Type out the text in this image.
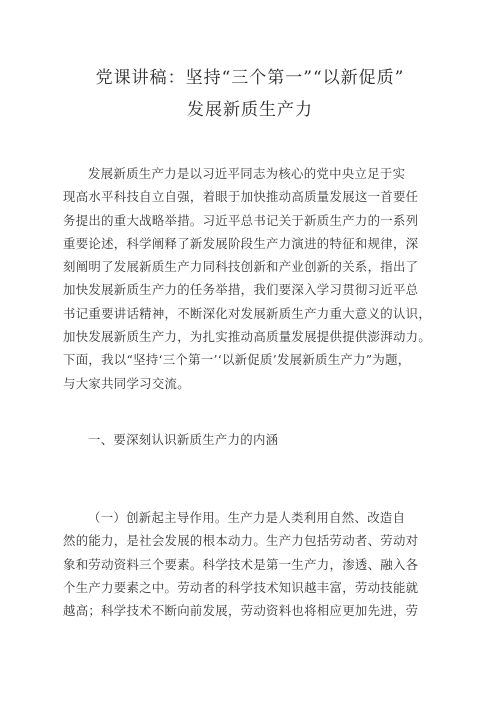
党课讲稿：坚持“三个第一”“以新促质”
发展新质生产力
发展新质生产力是以习近平同志为核心的党中央立足于实
现高水平科技自立自强，着眼于加快推动高质量发展这一首要任
务提出的重大战略举措。习近平总书记关于新质生产力的一系列
重要论述，科学阐释了新发展阶段生产力演进的特征和规律，深
刻阐明了发展新质生产力同科技创新和产业创新的关系，指出了
加快发展新质生产力的任务举措，我们要深入学习贯彻习近平总
书记重要讲话精神，不断深化对发展新质生产力重大意义的认识，
加快发展新质生产力，为扎实推动高质量发展提供提供澎湃动力。
下面，我以“坚持‘三个第一’‘以新促质’发展新质生产力”为题，
与大家共同学习交流。
一、要深刻认识新质生产力的内涵
（一）创新起主导作用。生产力是人类利用自然、改造自
然的能力，是社会发展的根本动力。生产力包括劳动者、劳动对
象和劳动资料三个要素。科学技术是第一生产力，渗透、融入各
个生产力要素之中。劳动者的科学技术知识越丰富，劳动技能就
越高；科学技术不断向前发展，劳动资料也将相应更加先进，劳
